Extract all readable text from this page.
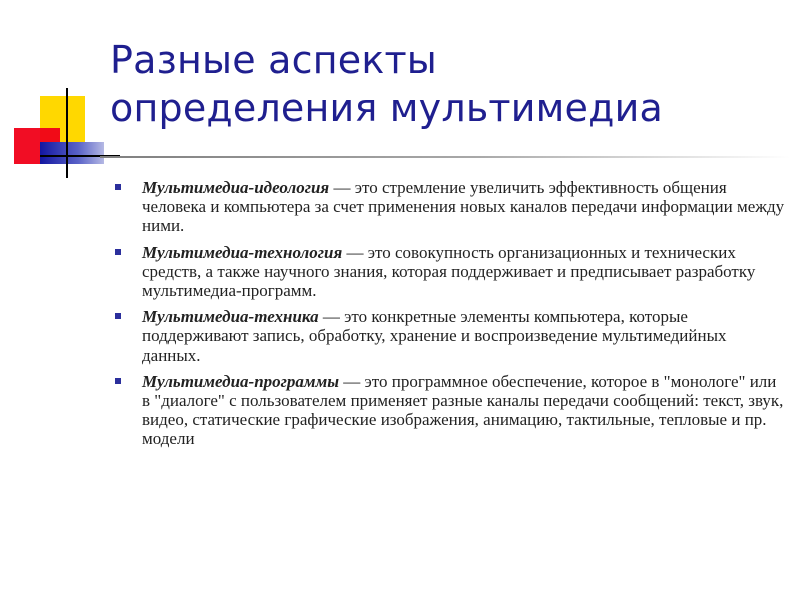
Разные аспекты
определения мультимедиа
Мультимедиа-идеология — это стремление увеличить эффективность общения человека и компьютера за счет применения новых каналов передачи информации между ними.
Мультимедиа-технология — это совокупность организационных и технических средств, а также научного знания, которая поддерживает и предписывает разработку мультимедиа-программ.
Мультимедиа-техника — это конкретные элементы компьютера, которые поддерживают запись, обработку, хранение и воспроизведение мультимедийных данных.
Мультимедиа-программы — это программное обеспечение, которое в "монологе" или в "диалоге" с пользователем применяет разные каналы передачи сообщений: текст, звук, видео, статические графические изображения, анимацию, тактильные, тепловые и пр. модели
